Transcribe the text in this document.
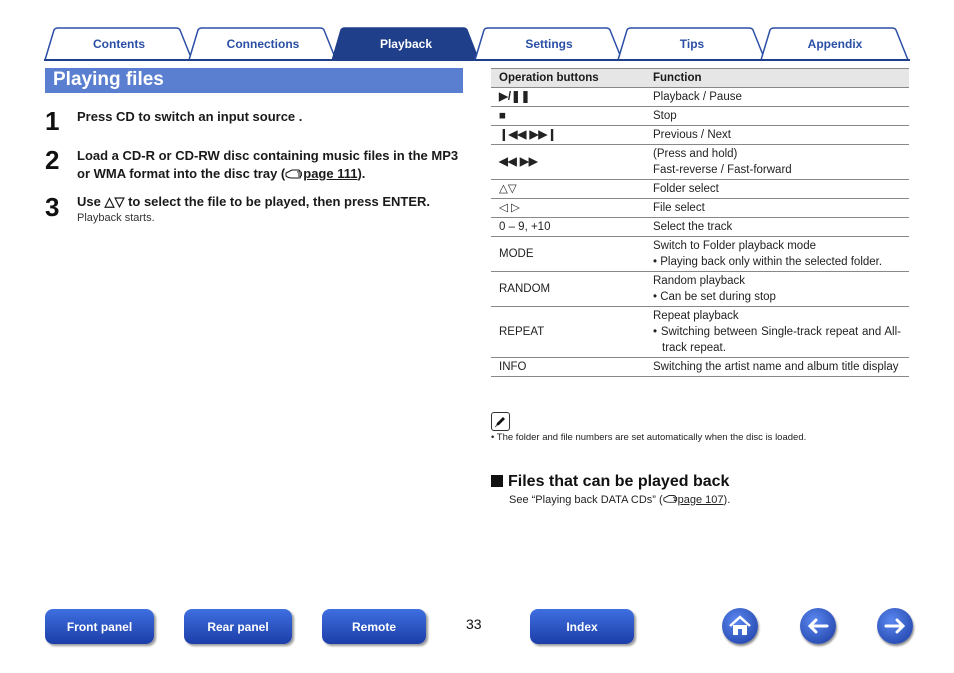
Contents	Connections	Playback	Settings	Tips	Appendix
Playing files
1 Press CD to switch an input source .
2 Load a CD-R or CD-RW disc containing music files in the MP3 or WMA format into the disc tray ( page 111).
3 Use △▽ to select the file to be played, then press ENTER.
Playback starts.
Operation buttons	Function
▶/❚❚	Playback / Pause
■	Stop
❙◀◀ ▶▶❙	Previous / Next
◀◀ ▶▶	(Press and hold)
Fast-reverse / Fast-forward

△▽	Folder select
◁ ▷	File select
0 – 9, +10	Select the track
MODE	Switch to Folder playback mode
• Playing back only within the selected folder.

RANDOM	Random playback
• Can be set during stop

REPEAT	Repeat playback
• Switching between Single-track repeat and All-track repeat.

INFO	Switching the artist name and album title display
• The folder and file numbers are set automatically when the disc is loaded.
Files that can be played back
See “Playing back DATA CDs” ( page 107).
Front panel	Rear panel	Remote	33	Index
